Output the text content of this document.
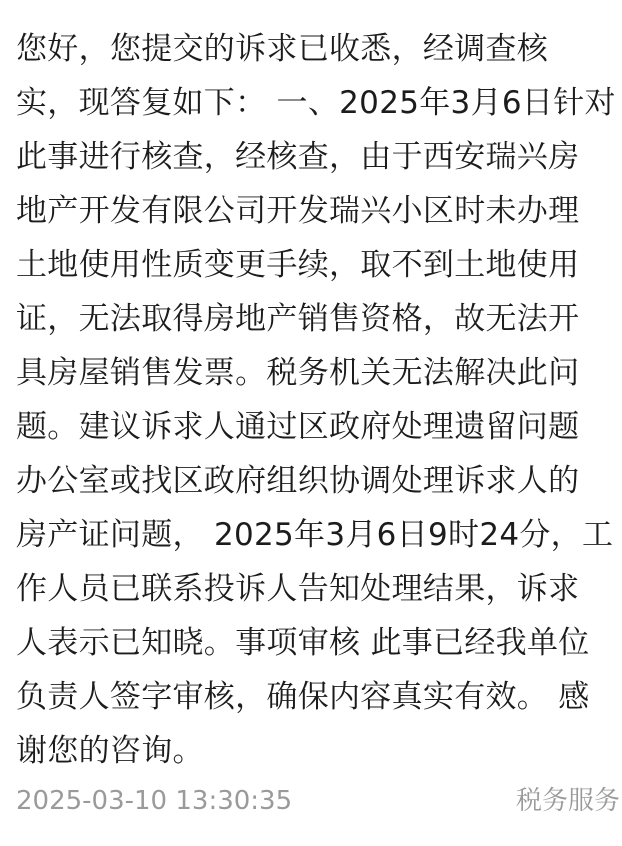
您好，您提交的诉求已收悉，经调查核
实，现答复如下： 一、2025年3月6日针对
此事进行核查，经核查，由于西安瑞兴房
地产开发有限公司开发瑞兴小区时未办理
土地使用性质变更手续，取不到土地使用
证，无法取得房地产销售资格，故无法开
具房屋销售发票。税务机关无法解决此问
题。建议诉求人通过区政府处理遗留问题
办公室或找区政府组织协调处理诉求人的
房产证问题， 2025年3月6日9时24分，工
作人员已联系投诉人告知处理结果，诉求
人表示已知晓。事项审核 此事已经我单位
负责人签字审核，确保内容真实有效。 感
谢您的咨询。
2025-03-10 13:30:35	税务服务
